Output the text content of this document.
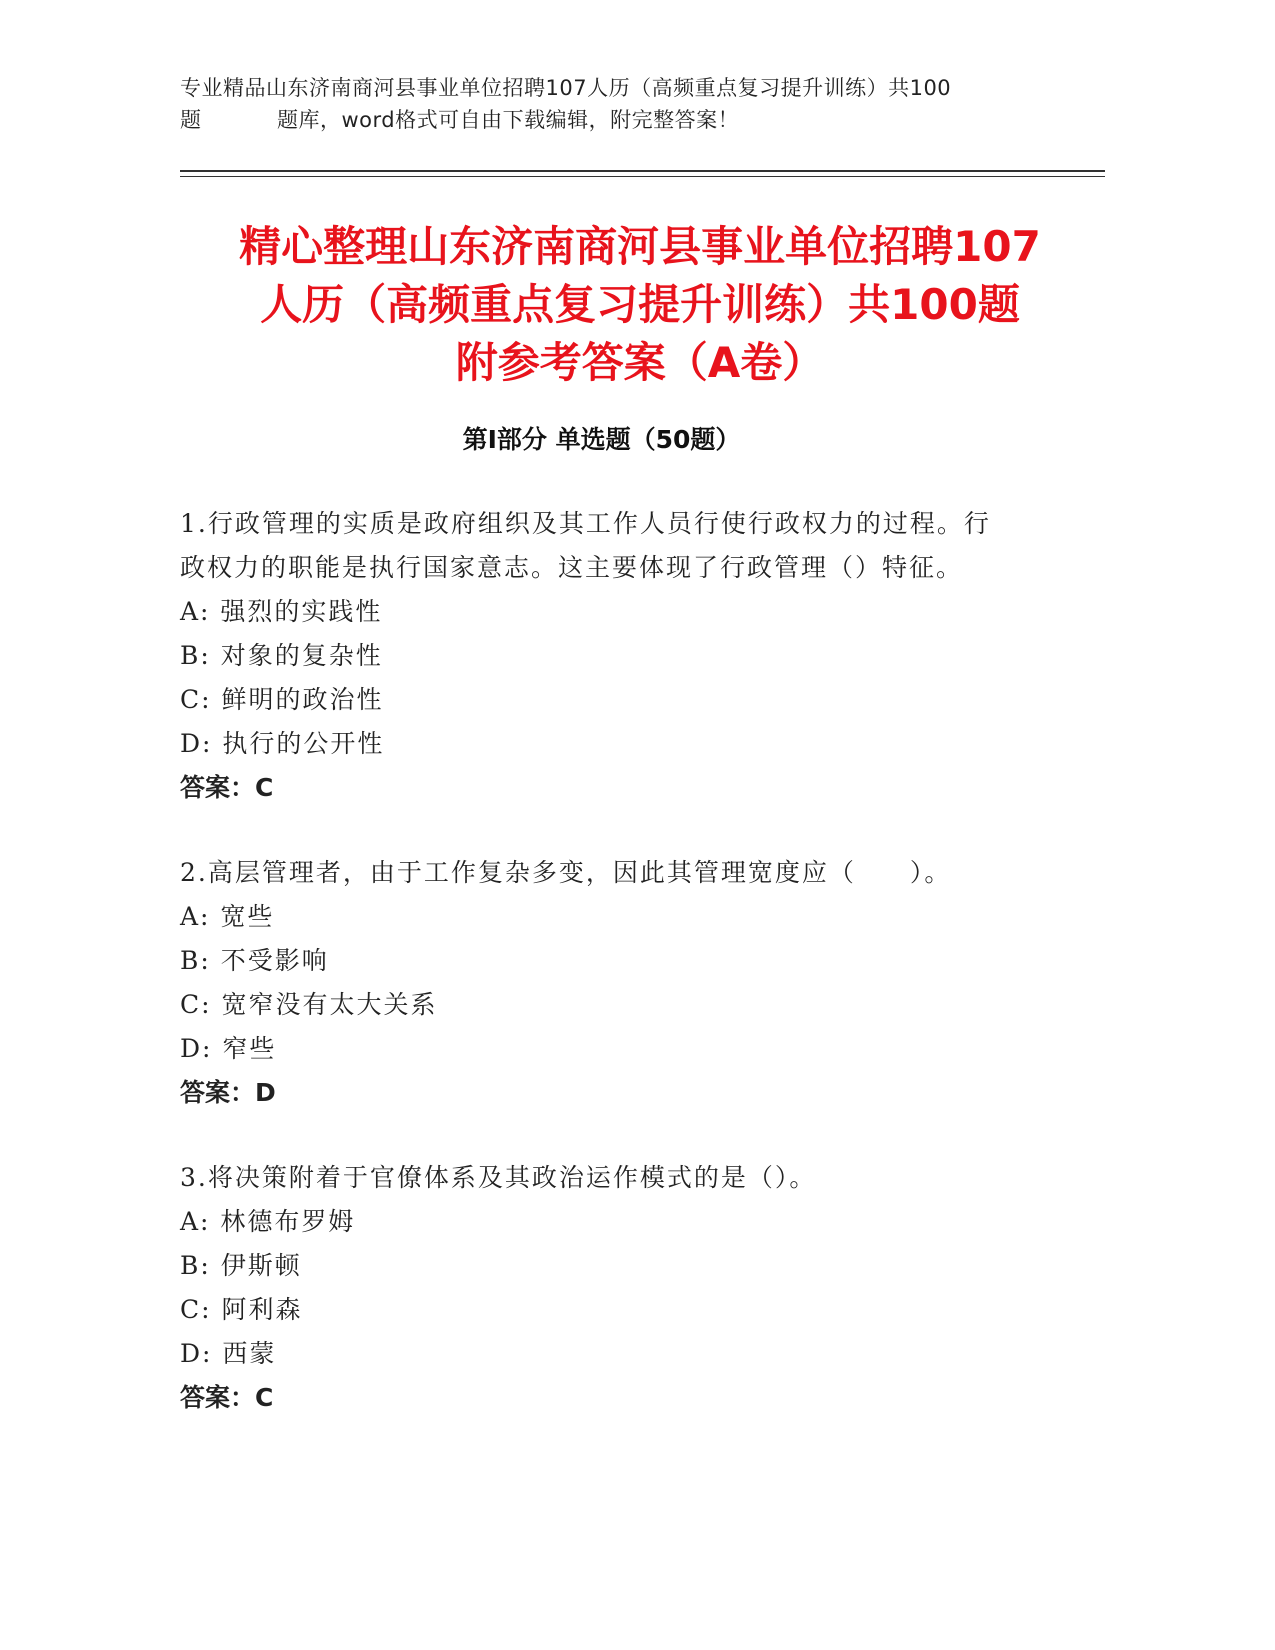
专业精品山东济南商河县事业单位招聘107人历（高频重点复习提升训练）共100
题	题库，word格式可自由下载编辑，附完整答案！
精心整理山东济南商河县事业单位招聘107
人历（高频重点复习提升训练）共100题
附参考答案（A卷）
第Ⅰ部分 单选题（50题）
1.行政管理的实质是政府组织及其工作人员行使行政权力的过程。行
政权力的职能是执行国家意志。这主要体现了行政管理（）特征。
A: 强烈的实践性
B: 对象的复杂性
C: 鲜明的政治性
D: 执行的公开性
答案：C
2.高层管理者，由于工作复杂多变，因此其管理宽度应（　　）。
A: 宽些
B: 不受影响
C: 宽窄没有太大关系
D: 窄些
答案：D
3.将决策附着于官僚体系及其政治运作模式的是（）。
A: 林德布罗姆
B: 伊斯顿
C: 阿利森
D: 西蒙
答案：C
